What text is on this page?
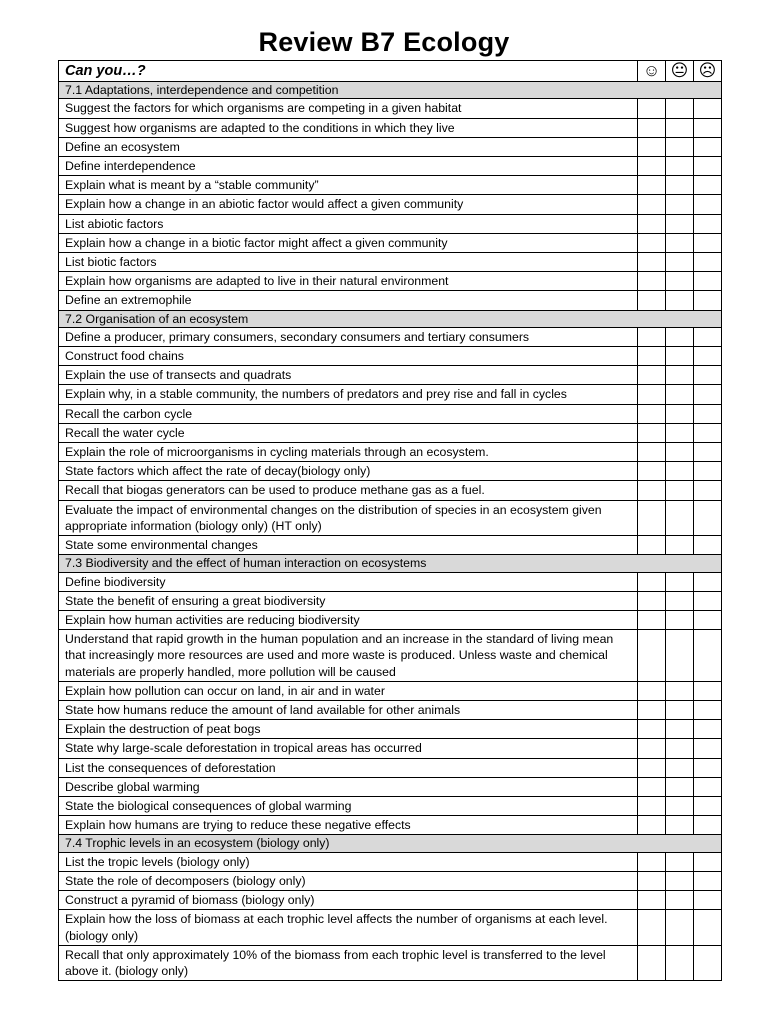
Review B7 Ecology
Can you…?	☺	😐	☹
7.1 Adaptations, interdependence and competition			
Suggest the factors for which organisms are competing in a given habitat			
Suggest how organisms are adapted to the conditions in which they live			
Define an ecosystem			
Define interdependence			
Explain what is meant by a “stable community”			
Explain how a change in an abiotic factor would affect a given community			
List abiotic factors			
Explain how a change in a biotic factor might affect a given community			
List biotic factors			
Explain how organisms are adapted to live in their natural environment			
Define an extremophile			
7.2 Organisation of an ecosystem			
Define a producer, primary consumers, secondary consumers and tertiary consumers			
Construct food chains			
Explain the use of transects and quadrats			
Explain why, in a stable community, the numbers of predators and prey rise and fall in cycles			
Recall the carbon cycle			
Recall the water cycle			
Explain the role of microorganisms in cycling materials through an ecosystem.			
State factors which affect the rate of decay(biology only)			
Recall that biogas generators can be used to produce methane gas as a fuel.			
Evaluate the impact of environmental changes on the distribution of species in an ecosystem given appropriate information (biology only) (HT only)			
State some environmental changes			
7.3 Biodiversity and the effect of human interaction on ecosystems			
Define biodiversity			
State the benefit of ensuring a great biodiversity			
Explain how human activities are reducing biodiversity			
Understand that rapid growth in the human population and an increase in the standard of living mean that increasingly more resources are used and more waste is produced. Unless waste and chemical materials are properly handled, more pollution will be caused			
Explain how pollution can occur on land, in air and in water			
State how humans reduce the amount of land available for other animals			
Explain the destruction of peat bogs			
State why large-scale deforestation in tropical areas has occurred			
List the consequences of deforestation			
Describe global warming			
State the biological consequences of global warming			
Explain how humans are trying to reduce these negative effects			
7.4 Trophic levels in an ecosystem (biology only)			
List the tropic levels (biology only)			
State the role of decomposers (biology only)			
Construct a pyramid of biomass (biology only)			
Explain how the loss of biomass at each trophic level affects the number of organisms at each level. (biology only)			
Recall that only approximately 10% of the biomass from each trophic level is transferred to the level above it. (biology only)			
